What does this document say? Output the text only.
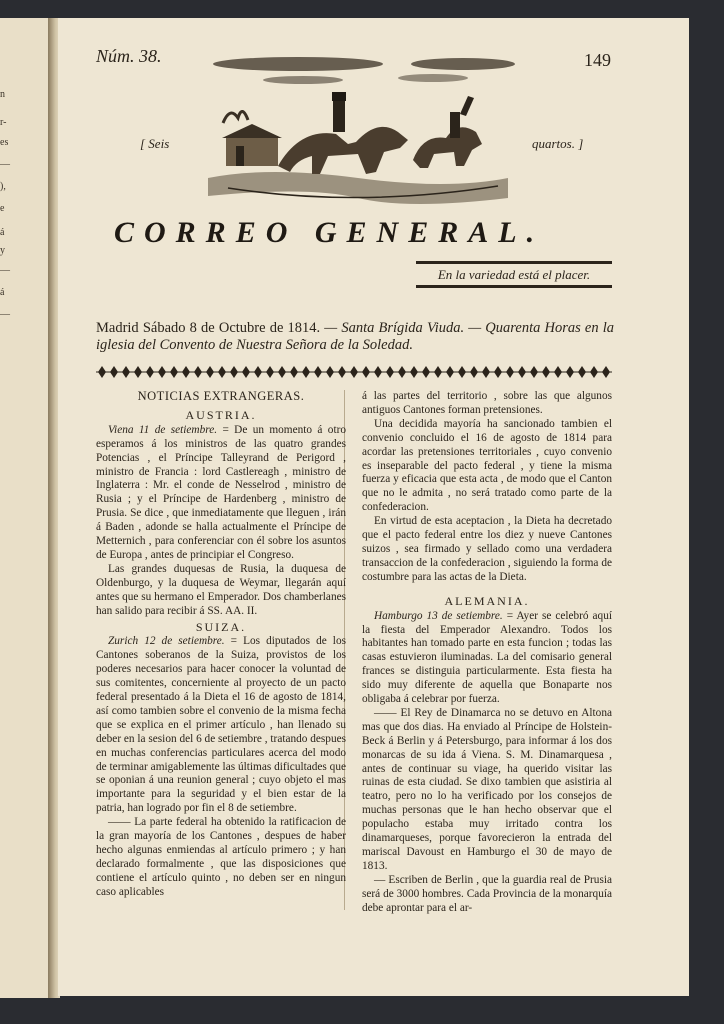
n
r-
es
—
),
e
á
y
—
á
—
Núm. 38.	149
[ Seis	quartos. ]
CORREO GENERAL.
En la variedad está el placer.
Madrid Sábado 8 de Octubre de 1814. — Santa Brígida Viuda. — Quarenta Horas en la iglesia del Convento de Nuestra Señora de la Soledad.
NOTICIAS EXTRANGERAS.
AUSTRIA.

Viena 11 de setiembre. = De un momento á otro esperamos á los ministros de las quatro grandes Potencias , el Príncipe Talleyrand de Perigord , ministro de Francia : lord Castlereagh , ministro de Inglaterra : Mr. el conde de Nesselrod , ministro de Rusia ; y el Príncipe de Hardenberg , ministro de Prusia. Se dice , que inmediatamente que lleguen , irán á Baden , adonde se halla actualmente el Príncipe de Metternich , para conferenciar con él sobre los asuntos de Europa , antes de principiar el Congreso.

Las grandes duquesas de Rusia, la duquesa de Oldenburgo, y la duquesa de Weymar, llegarán aquí antes que su hermano el Emperador. Dos chamberlanes han salido para recibir á SS. AA. II.

SUIZA.

Zurich 12 de setiembre. = Los diputados de los Cantones soberanos de la Suiza, provistos de los poderes necesarios para hacer conocer la voluntad de sus comitentes, concerniente al proyecto de un pacto federal presentado á la Dieta el 16 de agosto de 1814, así como tambien sobre el convenio de la misma fecha que se explica en el primer artículo , han llenado su deber en la sesion del 6 de setiembre , tratando despues en muchas conferencias particulares acerca del modo de terminar amigablemente las últimas dificultades que se oponian á una reunion general ; cuyo objeto el mas importante para la seguridad y el bien estar de la patria, han logrado por fin el 8 de setiembre.

—— La parte federal ha obtenido la ratificacion de la gran mayoría de los Cantones , despues de haber hecho algunas enmiendas al artículo primero ; y han declarado formalmente , que las disposiciones que contiene el artículo quinto , no deben ser en ningun caso aplicables

á las partes del territorio , sobre las que algunos antiguos Cantones forman pretensiones.

Una decidida mayoría ha sancionado tambien el convenio concluido el 16 de agosto de 1814 para acordar las pretensiones territoriales , cuyo convenio es inseparable del pacto federal , y tiene la misma fuerza y eficacia que esta acta , de modo que el Canton que no le admita , no será tratado como parte de la confederacion.

En virtud de esta aceptacion , la Dieta ha decretado que el pacto federal entre los diez y nueve Cantones suizos , sea firmado y sellado como una verdadera transaccion de la confederacion , siguiendo la forma de costumbre para las actas de la Dieta.

ALEMANIA.

Hamburgo 13 de setiembre. = Ayer se celebró aquí la fiesta del Emperador Alexandro. Todos los habitantes han tomado parte en esta funcion ; todas las casas estuvieron iluminadas. La del comisario general frances se distinguia particularmente. Esta fiesta ha sido muy diferente de aquella que Bonaparte nos obligaba á celebrar por fuerza.

—— El Rey de Dinamarca no se detuvo en Altona mas que dos dias. Ha enviado al Príncipe de Holstein-Beck á Berlin y á Petersburgo, para informar á los dos monarcas de su ida á Viena. S. M. Dinamarquesa , antes de continuar su viage, ha querido visitar las ruinas de esta ciudad. Se dixo tambien que asistiria al teatro, pero no lo ha verificado por los consejos de muchas personas que le han hecho observar que el populacho estaba muy irritado contra los dinamarqueses, porque favorecieron la entrada del mariscal Davoust en Hamburgo el 30 de mayo de 1813.

— Escriben de Berlin , que la guardia real de Prusia será de 3000 hombres. Cada Provincia de la monarquía debe aprontar para el ar-
